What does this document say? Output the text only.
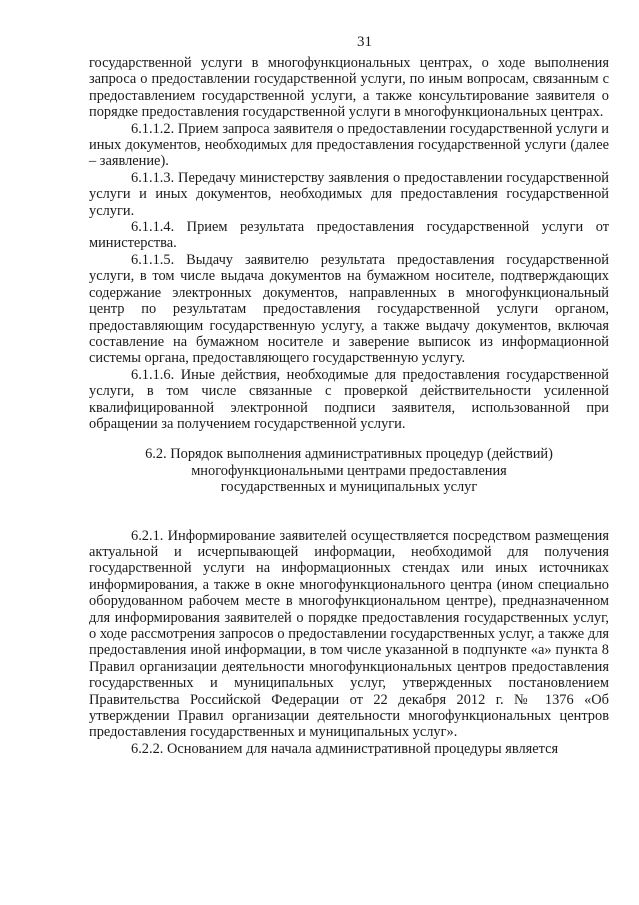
31

государственной услуги в многофункциональных центрах, о ходе выполнения запроса о предоставлении государственной услуги, по иным вопросам, связанным с предоставлением государственной услуги, а также консультирование заявителя о порядке предоставления государственной услуги в многофункциональных центрах.

6.1.1.2. Прием запроса заявителя о предоставлении государственной услуги и иных документов, необходимых для предоставления государственной услуги (далее – заявление).

6.1.1.3. Передачу министерству заявления о предоставлении государственной услуги и иных документов, необходимых для предоставления государственной услуги.

6.1.1.4. Прием результата предоставления государственной услуги от министерства.

6.1.1.5. Выдачу заявителю результата предоставления государственной услуги, в том числе выдача документов на бумажном носителе, подтверждающих содержание электронных документов, направленных в многофункциональный центр по результатам предоставления государственной услуги органом, предоставляющим государственную услугу, а также выдачу документов, включая составление на бумажном носителе и заверение выписок из информационной системы органа, предоставляющего государственную услугу.

6.1.1.6. Иные действия, необходимые для предоставления государственной услуги, в том числе связанные с проверкой действительности усиленной квалифицированной электронной подписи заявителя, использованной при обращении за получением государственной услуги.

6.2. Порядок выполнения административных процедур (действий)
многофункциональными центрами предоставления
государственных и муниципальных услуг

6.2.1. Информирование заявителей осуществляется посредством размещения актуальной и исчерпывающей информации, необходимой для получения государственной услуги на информационных стендах или иных источниках информирования, а также в окне многофункционального центра (ином специально оборудованном рабочем месте в многофункциональном центре), предназначенном для информирования заявителей о порядке предоставления государственных услуг, о ходе рассмотрения запросов о предоставлении государственных услуг, а также для предоставления иной информации, в том числе указанной в подпункте «а» пункта 8 Правил организации деятельности многофункциональных центров предоставления государственных и муниципальных услуг, утвержденных постановлением Правительства Российской Федерации от 22 декабря 2012 г. № 1376 «Об утверждении Правил организации деятельности многофункциональных центров предоставления государственных и муниципальных услуг».

6.2.2. Основанием для начала административной процедуры является
